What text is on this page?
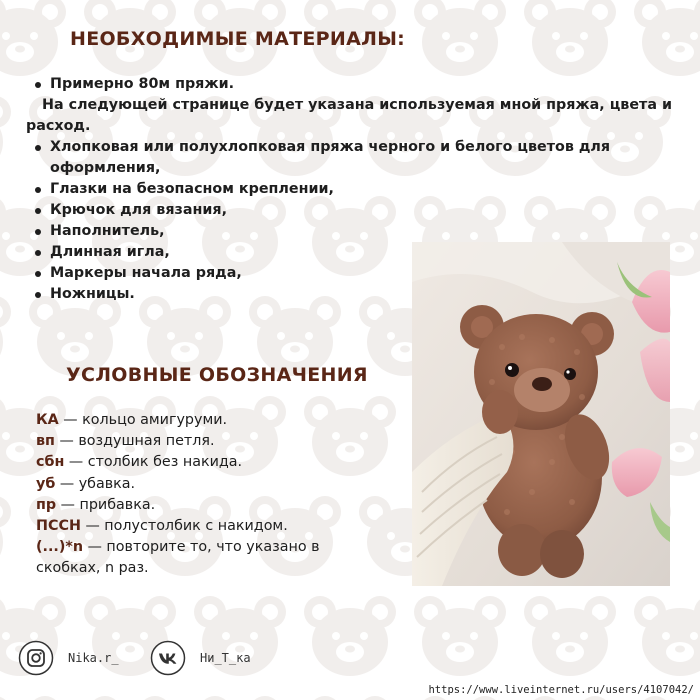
НЕОБХОДИМЫЕ МАТЕРИАЛЫ:
Примерно 80м пряжи.
На следующей странице будет указана используемая мной пряжа, цвета и
расход.
Хлопковая или полухлопковая пряжа черного и белого цветов для
оформления,
Глазки на безопасном креплении,
Крючок для вязания,
Наполнитель,
Длинная игла,
Маркеры начала ряда,
Ножницы.
УСЛОВНЫЕ ОБОЗНАЧЕНИЯ
КА — кольцо амигуруми.
вп — воздушная петля.
сбн — столбик без накида.
уб — убавка.
пр — прибавка.
ПССН — полустолбик с накидом.
(...)*n — повторите то, что указано в
скобках, n раз.
Nika.r_	Ни_Т_ка
https://www.liveinternet.ru/users/4107042/
